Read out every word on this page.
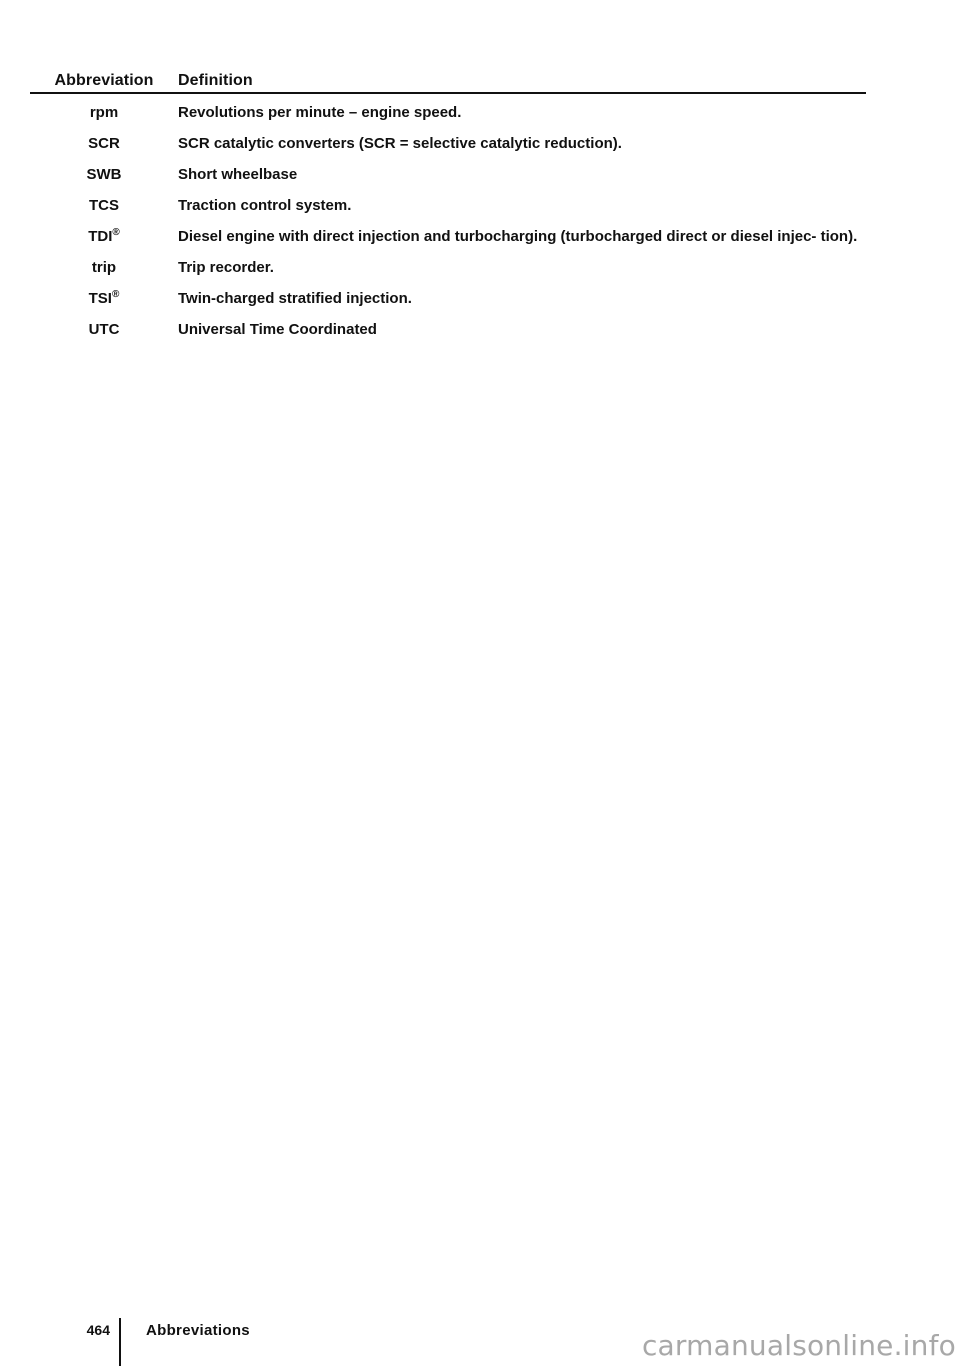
Abbreviation	Definition
rpm	Revolutions per minute – engine speed.
SCR	SCR catalytic converters (SCR = selective catalytic reduction).
SWB	Short wheelbase
TCS	Traction control system.
TDI®	Diesel engine with direct injection and turbocharging (turbocharged direct or diesel injec- tion).
trip	Trip recorder.
TSI®	Twin-charged stratified injection.
UTC	Universal Time Coordinated
464 Abbreviations	carmanualsonline.info
